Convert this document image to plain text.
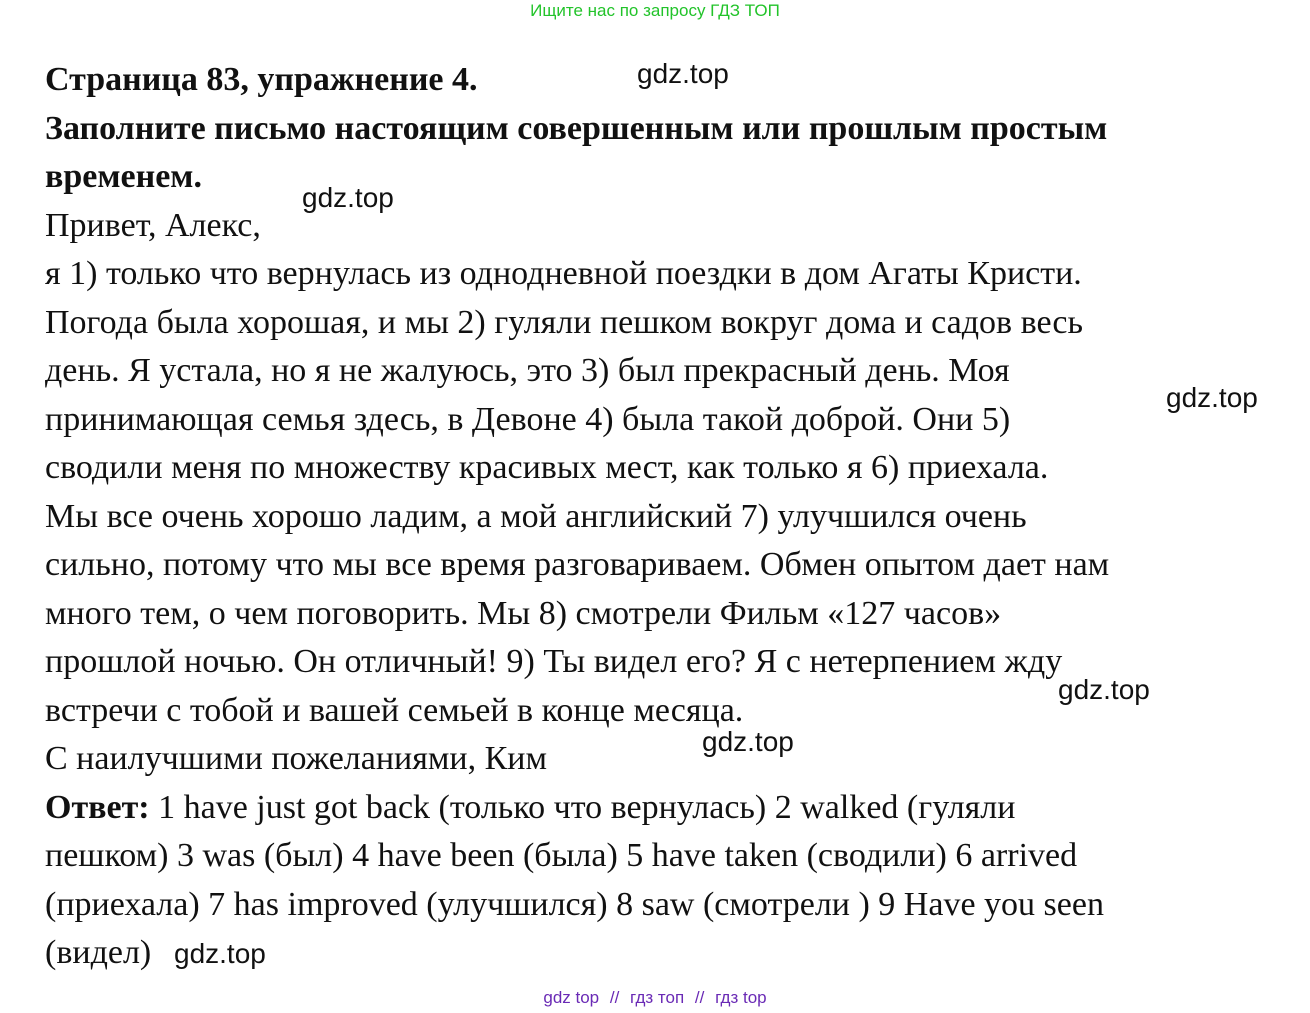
Ищите нас по запросу ГДЗ ТОП
Страница 83, упражнение 4.
Заполните письмо настоящим совершенным или прошлым простым
временем.
Привет, Алекс,
я 1) только что вернулась из однодневной поездки в дом Агаты Кристи.
Погода была хорошая, и мы 2) гуляли пешком вокруг дома и садов весь
день. Я устала, но я не жалуюсь, это 3) был прекрасный день. Моя
принимающая семья здесь, в Девоне 4) была такой доброй. Они 5)
сводили меня по множеству красивых мест, как только я 6) приехала.
Мы все очень хорошо ладим, а мой английский 7) улучшился очень
сильно, потому что мы все время разговариваем. Обмен опытом дает нам
много тем, о чем поговорить. Мы 8) смотрели Фильм «127 часов»
прошлой ночью. Он отличный! 9) Ты видел его? Я с нетерпением жду
встречи с тобой и вашей семьей в конце месяца.
С наилучшими пожеланиями, Ким
Ответ: 1 have just got back (только что вернулась) 2 walked (гуляли
пешком) 3 was (был) 4 have been (была) 5 have taken (сводили) 6 arrived
(приехала) 7 has improved (улучшился) 8 saw (смотрели ) 9 Have you seen
(видел)
gdz.top
gdz.top
gdz.top
gdz.top
gdz.top
gdz.top
gdz top // гдз топ // гдз top
